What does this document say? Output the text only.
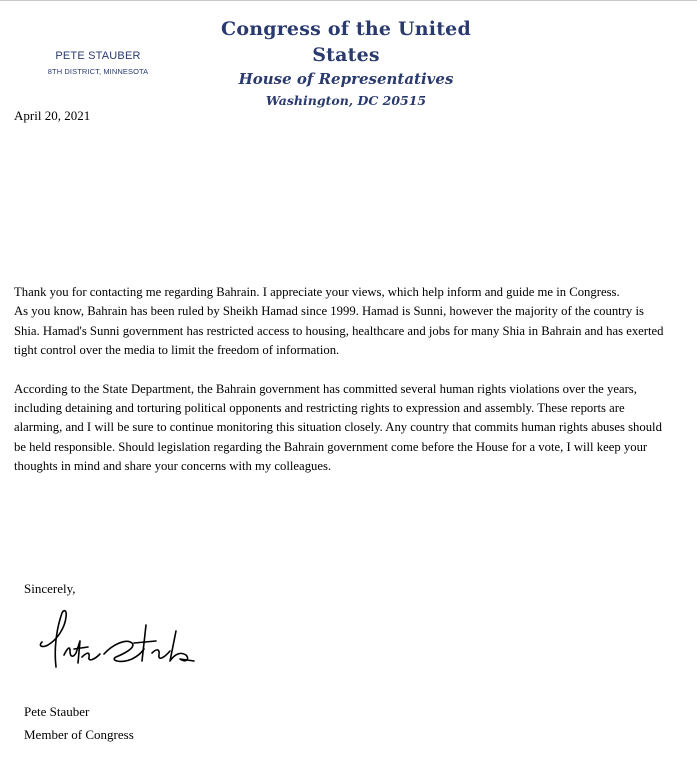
PETE STAUBER
8TH DISTRICT, MINNESOTA
Congress of the United States
House of Representatives
Washington, DC 20515
April 20, 2021

Thank you for contacting me regarding Bahrain. I appreciate your views, which help inform and guide me in Congress.
As you know, Bahrain has been ruled by Sheikh Hamad since 1999. Hamad is Sunni, however the majority of the country is
Shia. Hamad's Sunni government has restricted access to housing, healthcare and jobs for many Shia in Bahrain and has exerted
tight control over the media to limit the freedom of information.

According to the State Department, the Bahrain government has committed several human rights violations over the years,
including detaining and torturing political opponents and restricting rights to expression and assembly. These reports are
alarming, and I will be sure to continue monitoring this situation closely. Any country that commits human rights abuses should
be held responsible. Should legislation regarding the Bahrain government come before the House for a vote, I will keep your
thoughts in mind and share your concerns with my colleagues.

Sincerely,
Pete Stauber
Member of Congress
